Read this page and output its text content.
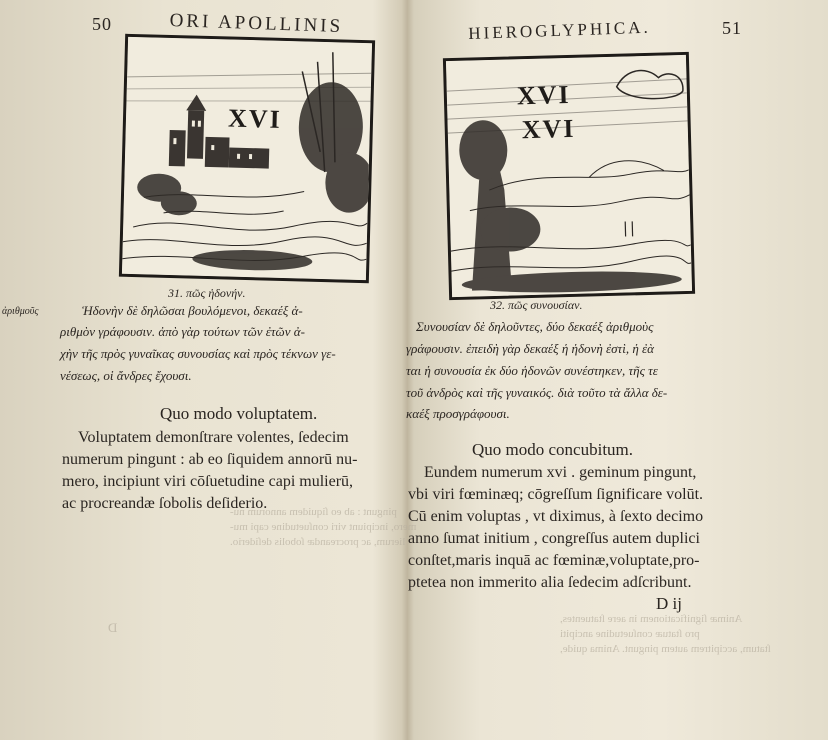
50	ORI APOLLINIS
XVI
31. πῶς ἡδονήν.
ἀριθμοῦς	Ἡδονὴν δὲ δηλῶσαι βουλόμενοι, δεκαέξ ἀ-
ριθμὸν γράφουσιν. ἀπὸ γὰρ τούτων τῶν ἐτῶν ἀ-
χὴν τῆς πρὸς γυναῖκας συνουσίας καὶ πρὸς τέκνων γε-
νέσεως, οἱ ἄνδρες ἔχουσι.
Quo modo voluptatem.
Voluptatem demonſtrare volentes, ſedecim
numerum pingunt : ab eo ſiquidem annorū nu-
mero, incipiunt viri cōſuetudine capi mulierū,
ac procreandæ ſobolis deſiderio.
pingunt : ab eo ſiquidem annorum nu-
mero, incipiunt viri conſuetudine capi mu-
lierum, ac procreandæ ſobolis deſiderio.
D
HIEROGLYPHICA.	51
XVI
XVI
32. πῶς συνουσίαν.
Συνουσίαν δὲ δηλοῦντες, δύο δεκαέξ ἀριθμοὺς
γράφουσιν. ἐπειδὴ γὰρ δεκαέξ ἡ ἡδονὴ ἐστὶ, ἡ ἐὰ
ται ἡ συνουσία ἐκ δύο ἡδονῶν συνέστηκεν, τῆς τε
τοῦ ἀνδρὸς καὶ τῆς γυναικός. διὰ τοῦτο τὰ ἄλλα δε-
καέξ προσγράφουσι.
Quo modo concubitum.
Eundem numerum xvi . geminum pingunt,
vbi viri fœminæq; cōgreſſum ſignificare volūt.
Cū enim voluptas , vt diximus, à ſexto decimo
anno ſumat initium , congreſſus autem duplici
conſtet,maris inquā ac fœminæ,voluptate,pro-
ptetea non immerito alia ſedecim adſcribunt.
D ij
Animæ ſignificationem in aere ſtatuentes,
pro ſtatuæ conſuetudine ancipiti
ſtatum, accipitrem autem pingunt. Anima quide,
